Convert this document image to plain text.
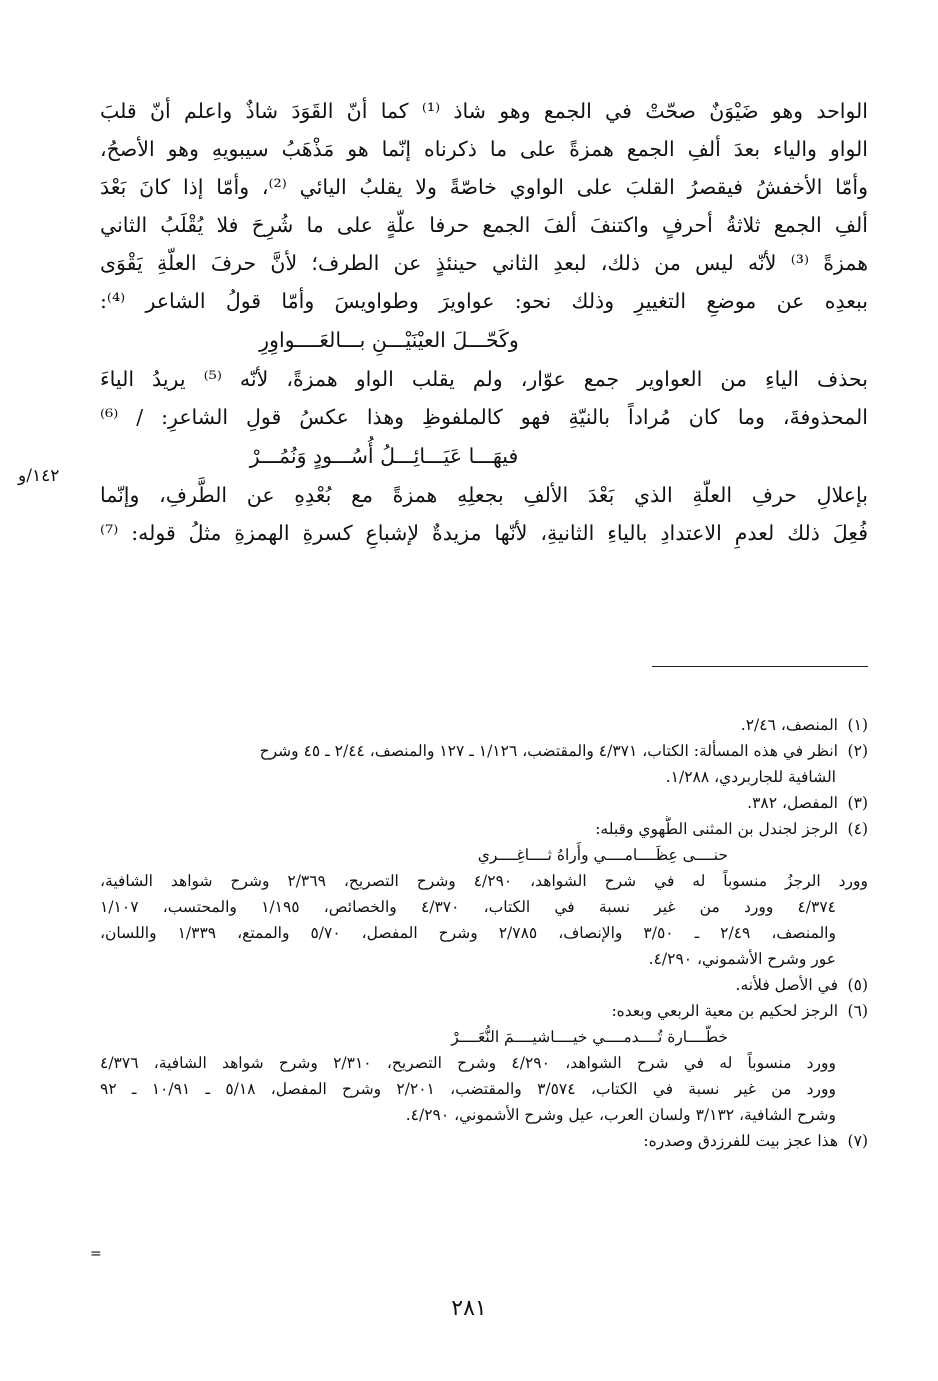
الواحد وهو ضَيْوَنٌ صحّتْ في الجمع وهو شاذ ⁽¹⁾ كما أنّ القَوَدَ شاذٌ واعلم أنّ قلبَ
الواو والياء بعدَ ألفِ الجمع همزةً على ما ذكرناه إنّما هو مَذْهَبُ سيبويهِ وهو الأصحُ،
وأمّا الأخفشُ فيقصرُ القلبَ على الواوي خاصّةً ولا يقلبُ اليائي ⁽²⁾، وأمّا إذا كانَ بَعْدَ
ألفِ الجمع ثلاثةُ أحرفٍ واكتنفَ ألفَ الجمع حرفا علّةٍ على ما شُرِحَ فلا يُقْلَبُ الثاني
همزةً ⁽³⁾ لأنّه ليس من ذلك، لبعدِ الثاني حينئذٍ عن الطرف؛ لأنَّ حرفَ العلّةِ يَقْوَى
ببعدِه عن موضعِ التغييرِ وذلك نحو: عواويرَ وطواويسَ وأمّا قولُ الشاعر ⁽⁴⁾:
وكَحّـــلَ العيْنَيْـــنِ بـــالعَــــواوِرِ
بحذف الياءِ من العواوير جمع عوّار، ولم يقلب الواو همزةً، لأنّه ⁽⁵⁾ يريدُ الياءَ
المحذوفةَ، وما كان مُراداً بالنيّةِ فهو كالملفوظِ وهذا عكسُ قولِ الشاعرِ: / ⁽⁶⁾
فيهَـــا عَيَـــائِـــلُ أُسُـــودٍ وَنُمُـــرْ
بإعلالِ حرفِ العلّةِ الذي بَعْدَ الألفِ بجعلِهِ همزةً مع بُعْدِهِ عن الطَّرفِ، وإنّما
فُعِلَ ذلك لعدمِ الاعتدادِ بالياءِ الثانيةِ، لأنّها مزيدةٌ لإشباعِ كسرةِ الهمزةِ مثلُ قوله: ⁽⁷⁾
١٤٢/و
(١)المنصف، ٢/٤٦.
(٢)انظر في هذه المسألة: الكتاب، ٤/٣٧١ والمقتضب، ١/١٢٦ ـ ١٢٧ والمنصف، ٢/٤٤ ـ ٤٥ وشرح
الشافية للجاربردي، ١/٢٨٨.
(٣)المفصل، ٣٨٢.
(٤)الرجز لجندل بن المثنى الطُّهوي وقبله:
حنــــى عِظَــــامــــي وأَراهُ ثــــاغِــــري
وورد الرجزُ منسوباً له في شرح الشواهد، ٤/٢٩٠ وشرح التصريح، ٢/٣٦٩ وشرح شواهد الشافية،
٤/٣٧٤ وورد من غير نسبة في الكتاب، ٤/٣٧٠ والخصائص، ١/١٩٥ والمحتسب، ١/١٠٧
والمنصف، ٢/٤٩ ـ ٣/٥٠ والإنصاف، ٢/٧٨٥ وشرح المفصل، ٥/٧٠ والممتع، ١/٣٣٩ واللسان،
عور وشرح الأشموني، ٤/٢٩٠.
(٥)في الأصل فلأنه.
(٦)الرجز لحكيم بن معية الربعي وبعده:
خطّــــارة تُــــدمــــي خيــــاشيــــمَ النُّعَــــرْ
وورد منسوباً له في شرح الشواهد، ٤/٢٩٠ وشرح التصريح، ٢/٣١٠ وشرح شواهد الشافية، ٤/٣٧٦
وورد من غير نسبة في الكتاب، ٣/٥٧٤ والمقتضب، ٢/٢٠١ وشرح المفصل، ٥/١٨ ـ ١٠/٩١ ـ ٩٢
وشرح الشافية، ٣/١٣٢ ولسان العرب، عيل وشرح الأشموني، ٤/٢٩٠.
(٧)هذا عجز بيت للفرزدق وصدره:
=
٢٨١
